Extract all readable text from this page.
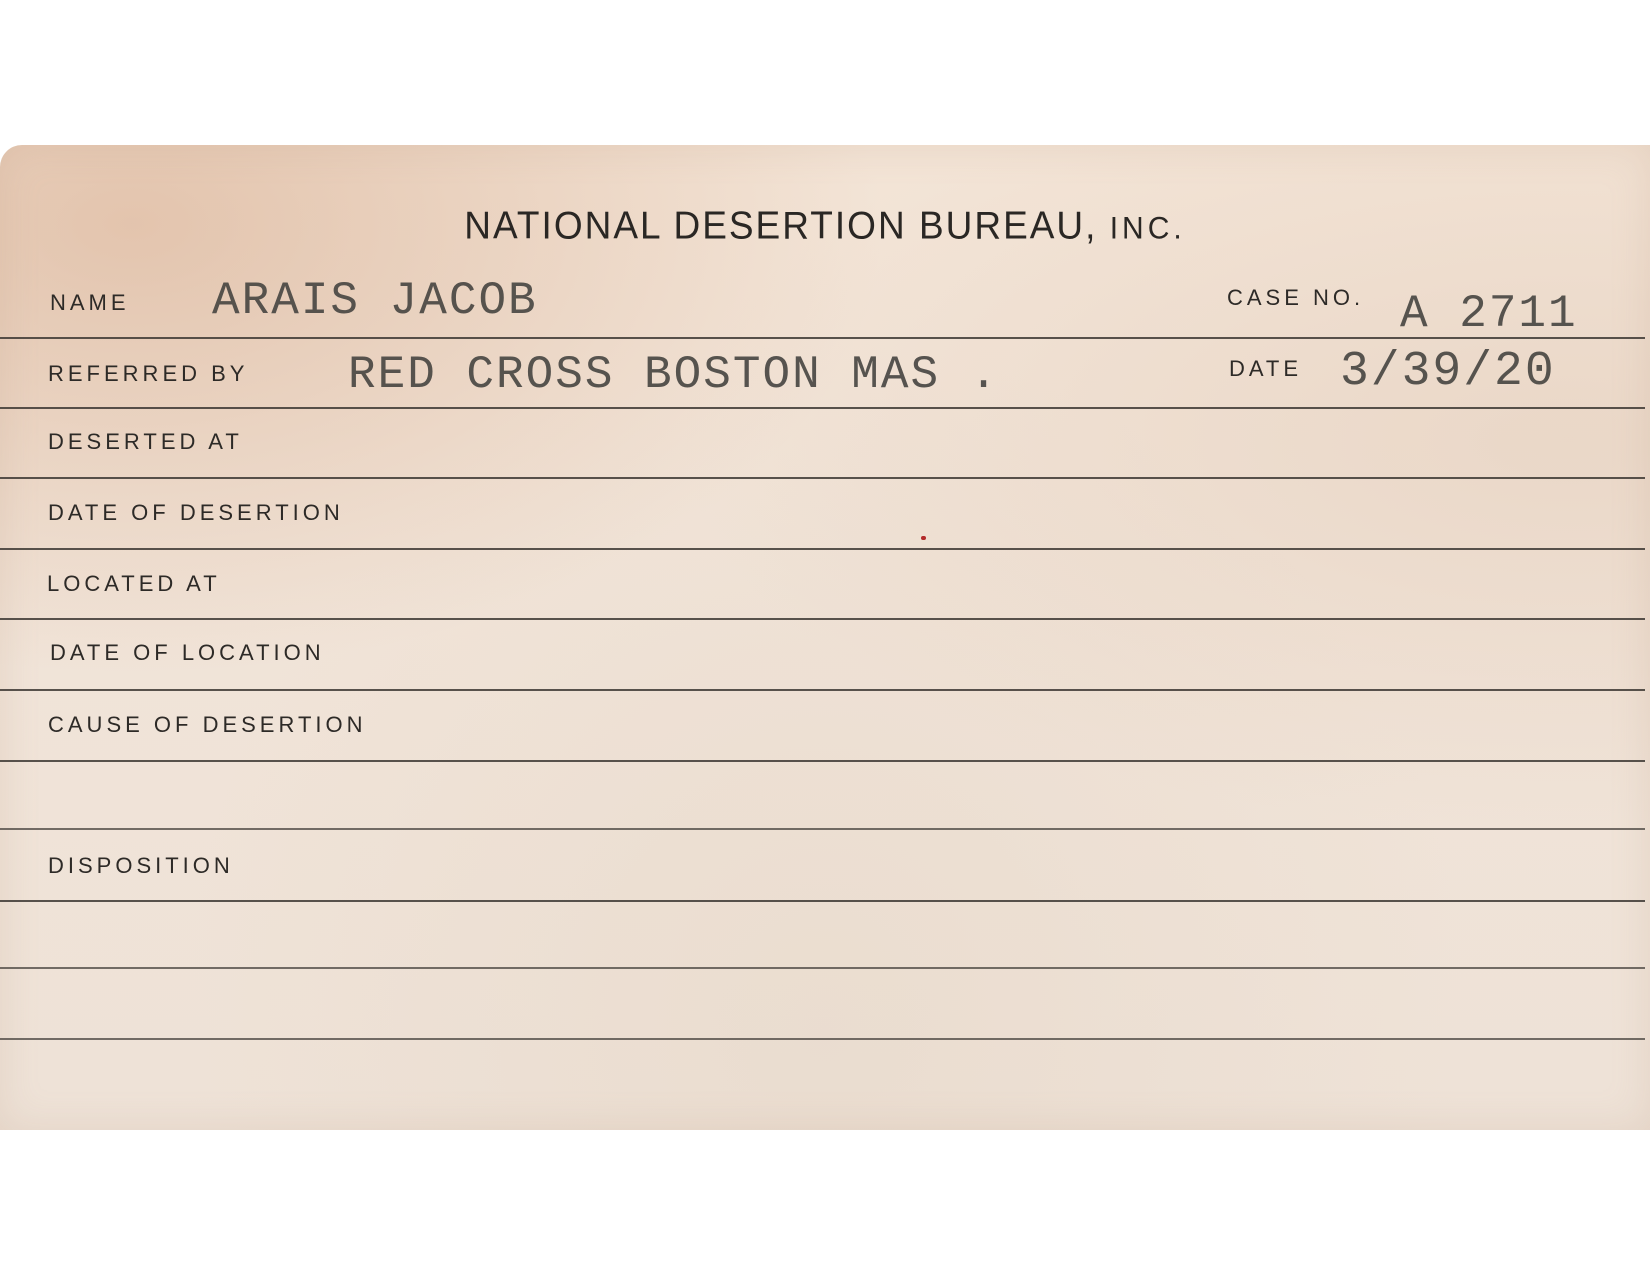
NATIONAL DESERTION BUREAU, INC.
NAME ARAIS JACOB	CASE NO. A 2711
REFERRED BY RED CROSS BOSTON MAS .	DATE 3/39/20
DESERTED AT
DATE OF DESERTION
LOCATED AT
DATE OF LOCATION
CAUSE OF DESERTION
DISPOSITION
